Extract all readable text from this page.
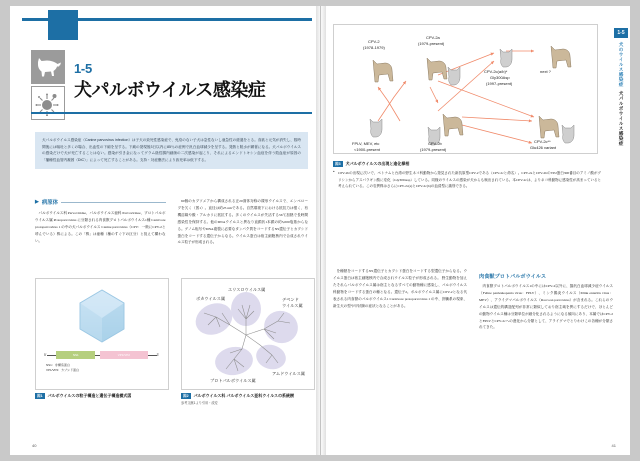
1-5
犬パルボウイルス感染症
犬パルボウイルス感染症（Canine parvovirus infection）は子犬の致死性感染症で、免疫のない子犬は急性ないし亜急性の経過をとる。食欲と元気が消失し、数時間後には嘔吐と多くの場合、出血性の下痢を呈する。下痢の発現後3日以内に85％の症例で汎白血球減少を呈する。発熱と脱水が顕著になる。犬パルボウイルスの感染だけで犬が死亡することはない。感染が引き金になってグラム陰性腸内細菌の二次感染が起こり、それによるエンドトキシン血症を伴う敗血症が原因の「播種性血管内凝固（DIC）」によって死亡することがある。支持・対症療法により致死率は低下する。
▶ 病原体

パルボウイルス科 Parvoviridae、パルボウイルス亜科 Parvovirinae、プロトパルボウイルス属 Protoparvovirus に分類される肉食獣プロトパルボウイルス1種 Carnivore protoparvovirus 1 の中の犬パルボウイルス Canine parvovirus（CPV：一般にCPV-2と呼んでいる）株による。この「株」は亜種（種のすぐ下の区分）と捉えて構わない。

60個のカプソメアから構成される正20面体対称の裸形ウイルスで、エンベロープを欠く（図1）。直径は約25 nmである。自然環境下における抵抗力は強く、有機溶媒や酸・アルカリに抵抗する。多くのウイルスが失活する56℃加熱で長時間感染性を保持する。他のDNAウイルスと異なり直鎖状1本鎖の約5,000塩基からなる。ゲノム転写やDNA複製に必要なタンパク質をコードするNS遺伝子とカプシド蛋白をコードする遺伝子からなる。ウイルス蛋白は宿主細胞核内で合成されウイルス粒子が形成される。

5'	NS1	VP1/VP2	3'
NS1：非構造蛋白
VP1/VP2：カプシド蛋白
図1	パルボウイルスの粒子構造と遺伝子構造模式図
ボカウイルス属
エリスロウイルス属
デペンド
ウイルス属
アムドウイルス属
プロトパルボウイルス属
図2	パルボウイルス科 パルボウイルス亜科ウイルスの系統樹
参考文献1より引用・改変
40
CPV-2
(1978-1979)
CPV-2a
(1979-present)
CPV-2c(a/b)*
Gly300Asp
(1997-present)
next ?
FPLV, MEV, etc
<1900-present
CPV-2b
(1979-present)
CPV-2c**
Glu426 variant
図3	犬パルボウイルスの出現と進化様相
● CPV-2bの出現に次いで、ベトナムと台湾の野生ネコ科動物から発見された新抗原型CPV-2である（CPV-2cと命名）。CPV-2aとCPV-2bのVP2蛋白300番目のアミノ酸がグリシンからアスパラギン酸に変化（Gly300Asp）している。同様のウイルスの感染が犬からも検出されている。本CPV-2cは、よりネコ科動物に感染性が高まっていると考えられている。この変異株はさらにCPV-2c(a)とCPV-2c(b)の血清型に識別できる。

を種熱をコードするNS遺伝子とカプシド蛋白をコードする型遺伝子からなる。ウイルス蛋白は宿主細胞核内で合成されウイルス粒子が形成される。 野生動物を加えたそれらパルボウイルス属は宿主となるすべての動物種に感染し、パルボウイルス科動物をコードする蛋白の種となる。遺伝子2。ポルボウイルス属にCPV-2となる代表される肉食獣のパルボウイルス1 Carnivore protoparvovirus 1 の中、肝臓系の現象、新生犬の型や甲状腺の症状となることがある。

肉食獣プロトパルボウイルス

肉食獣プロトパルボウイルス1の中にはCPV-2以外に、猫汎白血球減少症ウイルス（Feline panleukopenia virus：FPLV）、ミンク腸炎ウイルス（Mink enteritis virus：MEV）、アライグマパルボウイルス（Raccoon parvovirus）が含まれる。これらのウイルスは遺伝的構造配列が非常に類似しており宿主域を異にするだけで、ほとんどの動物ウイルス種は分類単位が細分化されるようになる傾向にあり、本属ではCPV-2とFPLVとCPV-2cへの進化から分類として、アライグマでとりわけこの各種が分類されてきた。

1-5
犬のウイルス感染症
犬パルボウイルス感染症
41
